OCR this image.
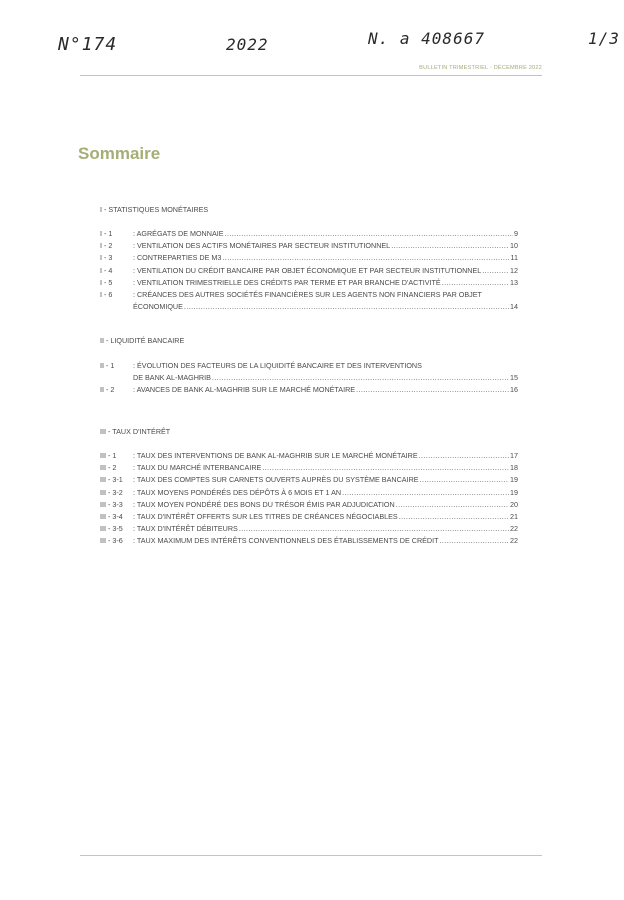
N°174	2022	N. a 408667	1/3
BULLETIN TRIMESTRIEL - DÉCEMBRE 2022
Sommaire
I - STATISTIQUES MONÉTAIRES
I - 1	: AGRÉGATS DE MONNAIE .....	9
I - 2	: VENTILATION DES ACTIFS MONÉTAIRES PAR SECTEUR INSTITUTIONNEL .....	10
I - 3	: CONTREPARTIES DE M3 .....	11
I - 4	: VENTILATION DU CRÉDIT BANCAIRE PAR OBJET ÉCONOMIQUE ET PAR SECTEUR INSTITUTIONNEL .....	12
I - 5	: VENTILATION TRIMESTRIELLE DES CRÉDITS PAR TERME ET PAR BRANCHE D'ACTIVITÉ .....	13
I - 6	: CRÉANCES DES AUTRES SOCIÉTÉS FINANCIÈRES SUR LES AGENTS NON FINANCIERS PAR OBJET
ÉCONOMIQUE .....	14
II - LIQUIDITÉ BANCAIRE
II - 1	: ÉVOLUTION DES FACTEURS DE LA LIQUIDITÉ BANCAIRE ET DES INTERVENTIONS
DE BANK AL-MAGHRIB .....	15
II - 2	: AVANCES DE BANK AL-MAGHRIB SUR LE MARCHÉ MONÉTAIRE .....	16
III - TAUX D'INTÉRÊT
III - 1	: TAUX DES INTERVENTIONS DE BANK AL-MAGHRIB SUR LE MARCHÉ MONÉTAIRE .....	17
III - 2	: TAUX DU MARCHÉ INTERBANCAIRE .....	18
III - 3-1	: TAUX DES COMPTES SUR CARNETS OUVERTS AUPRÈS DU SYSTÈME BANCAIRE .....	19
III - 3-2	: TAUX MOYENS PONDÉRÉS DES DÉPÔTS À 6 MOIS ET 1 AN .....	19
III - 3-3	: TAUX MOYEN PONDÉRÉ DES BONS DU TRÉSOR ÉMIS PAR ADJUDICATION .....	20
III - 3-4	: TAUX D'INTÉRÊT OFFERTS SUR LES TITRES DE CRÉANCES NÉGOCIABLES .....	21
III - 3-5	: TAUX D'INTÉRÊT DÉBITEURS .....	22
III - 3-6	: TAUX MAXIMUM DES INTÉRÊTS CONVENTIONNELS DES ÉTABLISSEMENTS DE CRÉDIT .....	22
